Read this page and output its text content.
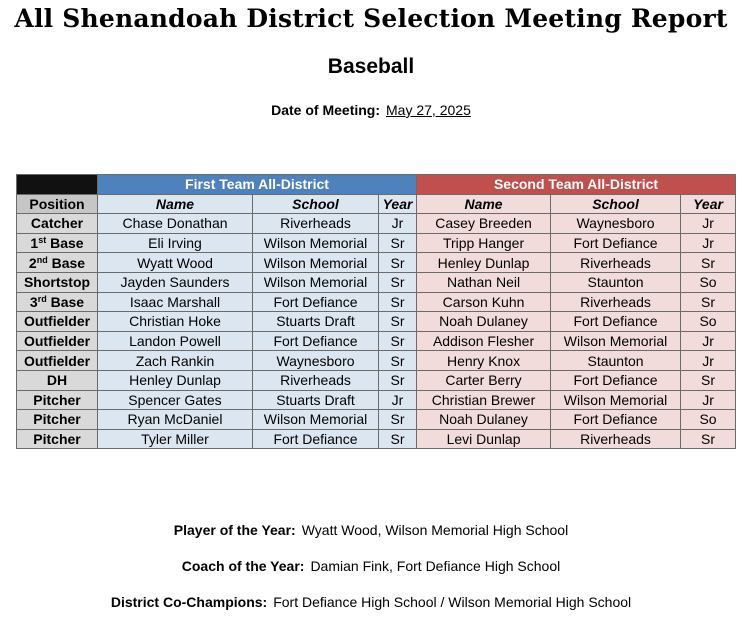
All Shenandoah District Selection Meeting Report
Baseball
Date of Meeting: May 27, 2025
	First Team All-District			Second Team All-District		
Position	Name	School	Year	Name	School	Year
Catcher	Chase Donathan	Riverheads	Jr	Casey Breeden	Waynesboro	Jr
1st Base	Eli Irving	Wilson Memorial	Sr	Tripp Hanger	Fort Defiance	Jr
2nd Base	Wyatt Wood	Wilson Memorial	Sr	Henley Dunlap	Riverheads	Sr
Shortstop	Jayden Saunders	Wilson Memorial	Sr	Nathan Neil	Staunton	So
3rd Base	Isaac Marshall	Fort Defiance	Sr	Carson Kuhn	Riverheads	Sr
Outfielder	Christian Hoke	Stuarts Draft	Sr	Noah Dulaney	Fort Defiance	So
Outfielder	Landon Powell	Fort Defiance	Sr	Addison Flesher	Wilson Memorial	Jr
Outfielder	Zach Rankin	Waynesboro	Sr	Henry Knox	Staunton	Jr
DH	Henley Dunlap	Riverheads	Sr	Carter Berry	Fort Defiance	Sr
Pitcher	Spencer Gates	Stuarts Draft	Jr	Christian Brewer	Wilson Memorial	Jr
Pitcher	Ryan McDaniel	Wilson Memorial	Sr	Noah Dulaney	Fort Defiance	So
Pitcher	Tyler Miller	Fort Defiance	Sr	Levi Dunlap	Riverheads	Sr
Player of the Year: Wyatt Wood, Wilson Memorial High School
Coach of the Year: Damian Fink, Fort Defiance High School
District Co-Champions: Fort Defiance High School / Wilson Memorial High School
